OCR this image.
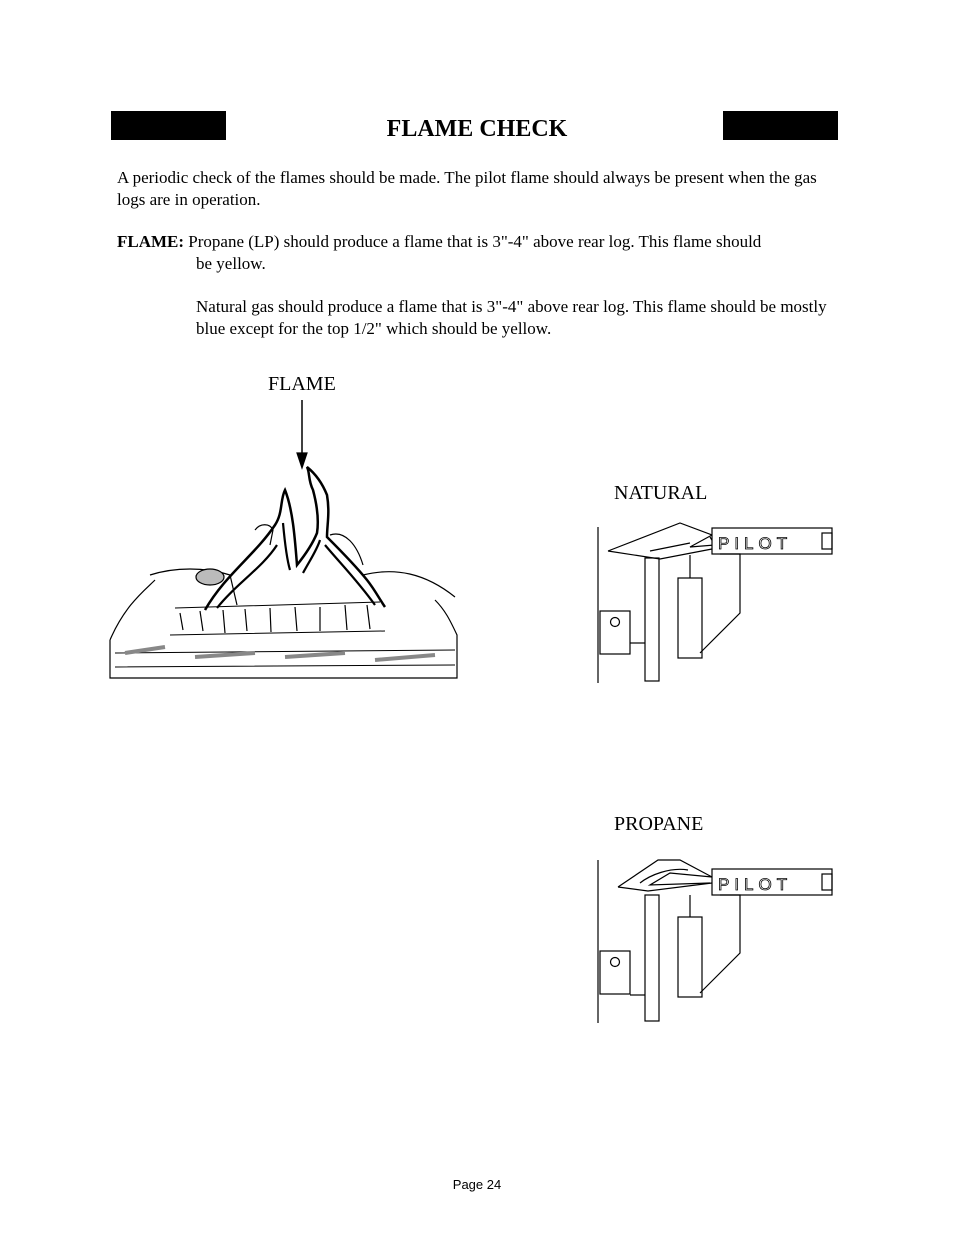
FLAME CHECK

A periodic check of the flames should be made. The pilot flame should always be present when the gas logs are in operation.

FLAME: Propane (LP) should produce a flame that is 3"-4" above rear log. This flame should

be yellow.

Natural gas should produce a flame that is 3"-4" above rear log. This flame should be mostly blue except for the top 1/2" which should be yellow.

FLAME
NATURAL
PILOT
PROPANE
PILOT
Page 24
